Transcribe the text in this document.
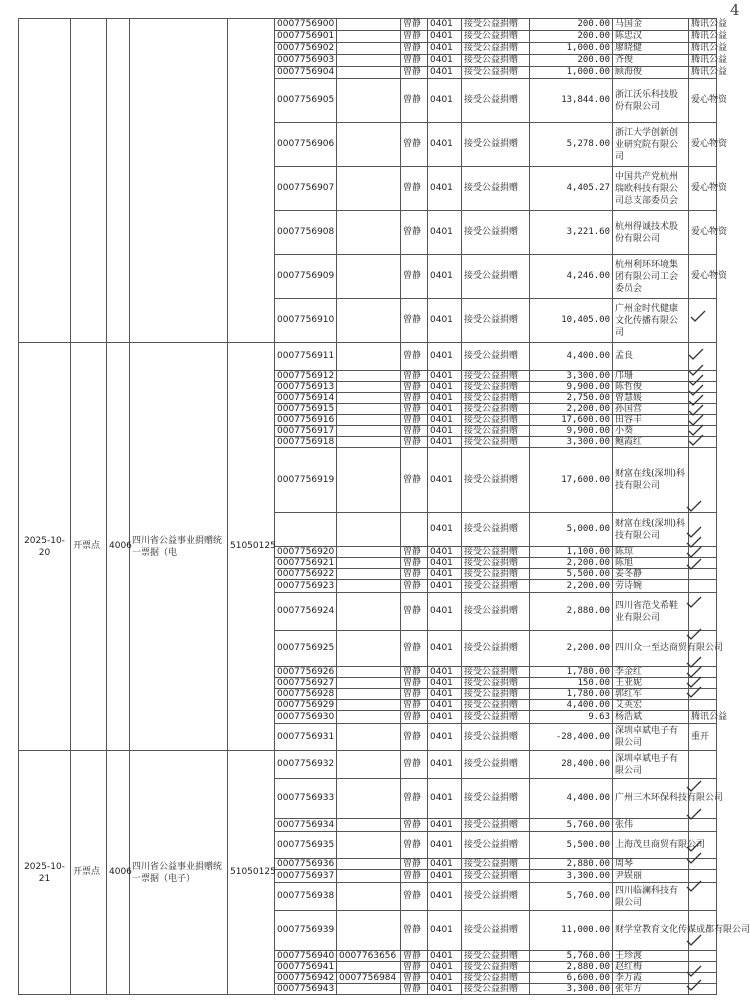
4
					0007756900		曾静	0401	接受公益捐赠	200.00	马国金	腾讯公益
					0007756901		曾静	0401	接受公益捐赠	200.00	陈忠汉	腾讯公益
					0007756902		曾静	0401	接受公益捐赠	1,000.00	廖晓健	腾讯公益
					0007756903		曾静	0401	接受公益捐赠	200.00	齐俊	腾讯公益
					0007756904		曾静	0401	接受公益捐赠	1,000.00	顾海俊	腾讯公益
					0007756905		曾静	0401	接受公益捐赠	13,844.00	浙江沃乐科技股份有限公司	爱心物资
					0007756906		曾静	0401	接受公益捐赠	5,278.00	浙江大学创新创业研究院有限公司	爱心物资
					0007756907		曾静	0401	接受公益捐赠	4,405.27	中国共产党杭州瑞欧科技有限公司总支部委员会	爱心物资
					0007756908		曾静	0401	接受公益捐赠	3,221.60	杭州得诚技术股份有限公司	爱心物资
					0007756909		曾静	0401	接受公益捐赠	4,246.00	杭州利环环境集团有限公司工会委员会	爱心物资
					0007756910		曾静	0401	接受公益捐赠	10,405.00	广州金时代健康文化传播有限公司	
2025-10-20	开票点	4006	四川省公益事业捐赠统一票据（电	51050125	0007756911		曾静	0401	接受公益捐赠	4,400.00	孟良	
					0007756912		曾静	0401	接受公益捐赠	3,300.00	邝珊	
					0007756913		曾静	0401	接受公益捐赠	9,900.00	陈哲俊	
					0007756914		曾静	0401	接受公益捐赠	2,750.00	曾慧媛	
					0007756915		曾静	0401	接受公益捐赠	2,200.00	孙国营	
					0007756916		曾静	0401	接受公益捐赠	17,600.00	田容丰	
					0007756917		曾静	0401	接受公益捐赠	9,900.00	小葵	
					0007756918		曾静	0401	接受公益捐赠	3,300.00	鲍霞红	
					0007756919		曾静	0401	接受公益捐赠	17,600.00	财富在线(深圳)科技有限公司	
								0401	接受公益捐赠	5,000.00	财富在线(深圳)科技有限公司	
					0007756920		曾静	0401	接受公益捐赠	1,100.00	陈琼	
					0007756921		曾静	0401	接受公益捐赠	2,200.00	陈旭	
					0007756922		曾静	0401	接受公益捐赠	5,500.00	姜冬静	
					0007756923		曾静	0401	接受公益捐赠	2,200.00	劳诗婉	
					0007756924		曾静	0401	接受公益捐赠	2,880.00	四川省范戈希鞋业有限公司	
					0007756925		曾静	0401	接受公益捐赠	2,200.00	四川众一至达商贸有限公司	
					0007756926		曾静	0401	接受公益捐赠	1,780.00	李金红	
					0007756927		曾静	0401	接受公益捐赠	150.00	王亚妮	
					0007756928		曾静	0401	接受公益捐赠	1,780.00	郭红军	
					0007756929		曾静	0401	接受公益捐赠	4,400.00	艾英宏	
					0007756930		曾静	0401	接受公益捐赠	9.63	杨浩斌	腾讯公益
					0007756931		曾静	0401	接受公益捐赠	-28,400.00	深圳卓斌电子有限公司	重开
2025-10-21	开票点	4006	四川省公益事业捐赠统一票据（电子）	51050125	0007756932		曾静	0401	接受公益捐赠	28,400.00	深圳卓斌电子有限公司	
					0007756933		曾静	0401	接受公益捐赠	4,400.00	广州三木环保科技有限公司	
					0007756934		曾静	0401	接受公益捐赠	5,760.00	张伟	
					0007756935		曾静	0401	接受公益捐赠	5,500.00	上海茂旦商贸有限公司	
					0007756936		曾静	0401	接受公益捐赠	2,880.00	周琴	
					0007756937		曾静	0401	接受公益捐赠	3,300.00	尹娱丽	
					0007756938		曾静	0401	接受公益捐赠	5,760.00	四川临澜科技有限公司	
					0007756939		曾静	0401	接受公益捐赠	11,000.00	财学堂教育文化传媒成都有限公司	
					0007756940	0007763656	曾静	0401	接受公益捐赠	5,760.00	王珍渡	
					0007756941		曾静	0401	接受公益捐赠	2,880.00	赵红梅	
					0007756942	0007756984	曾静	0401	接受公益捐赠	6,600.00	李万霞	
					0007756943		曾静	0401	接受公益捐赠	3,300.00	张年方	
